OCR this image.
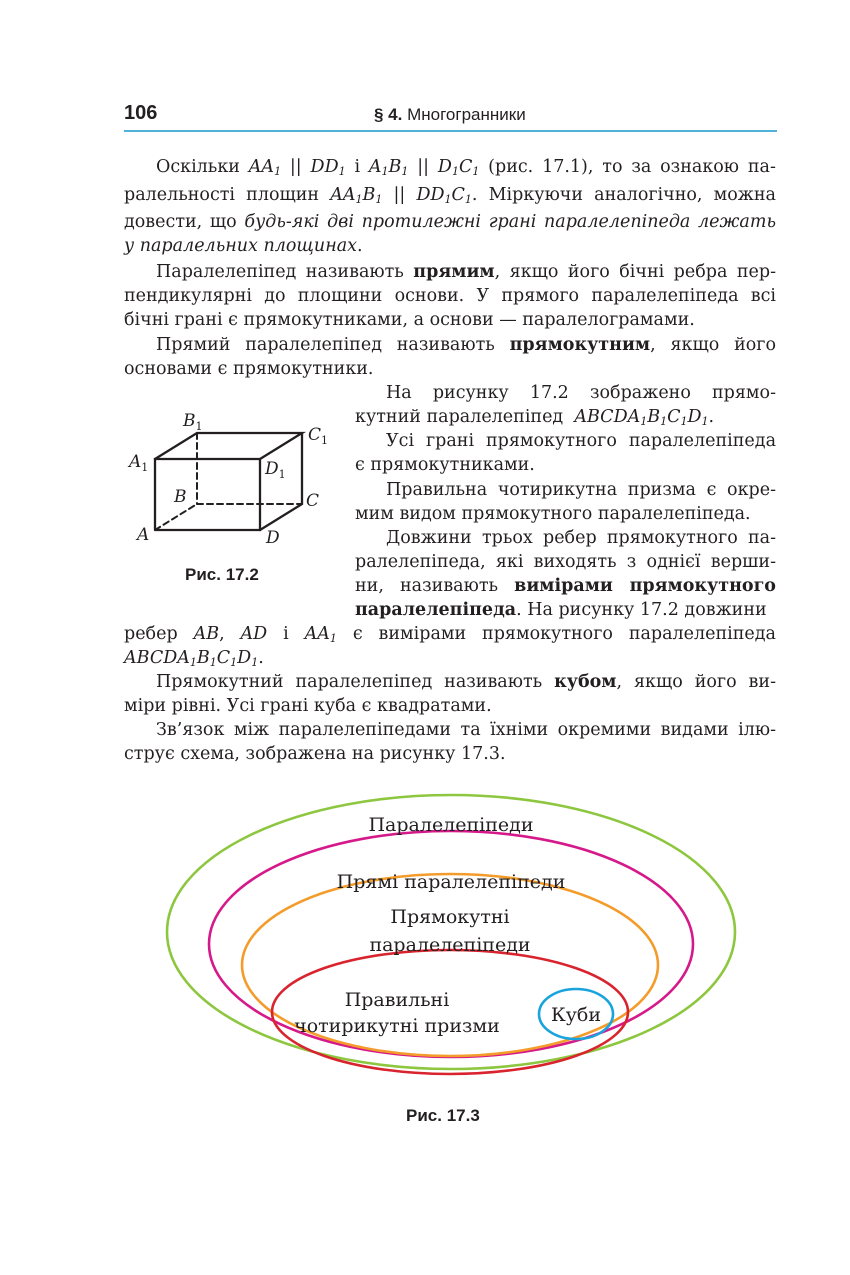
106	§ 4. Многогранники
Оскільки $AA_1$ || $DD_1$ і $A_1B_1$ || $D_1C_1$ (рис. 17.1), то за ознакою па-
ралельності площин $AA_1B_1$ || $DD_1C_1$. Міркуючи аналогічно, можна
довести, що будь-які дві протилежні грані паралелепіпеда лежать
у паралельних площинах.
Паралелепіпед називають прямим, якщо його бічні ребра пер-
пендикулярні до площини основи. У прямого паралелепіпеда всі
бічні грані є прямокутниками, а основи — паралелограмами.
Прямий паралелепіпед називають прямокутним, якщо його
основами є прямокутники.
На рисунку 17.2 зображено прямо-
кутний паралелепіпед $ABCDA_1B_1C_1D_1$.
Усі грані прямокутного паралелепіпеда
є прямокутниками.
Правильна чотирикутна призма є окре-
мим видом прямокутного паралелепіпеда.
Довжини трьох ребер прямокутного па-
ралелепіпеда, які виходять з однієї верши-
ни, називають вимірами прямокутного
паралелепіпеда. На рисунку 17.2 довжини
ребер AB, AD і $AA_1$ є вимірами прямокутного паралелепіпеда
$ABCDA_1B_1C_1D_1$.
Прямокутний паралелепіпед називають кубом, якщо його ви-
міри рівні. Усі грані куба є квадратами.
Зв’язок між паралелепіпедами та їхніми окремими видами ілю-
струє схема, зображена на рисунку 17.3.
A	D
B	C
$A_1$
$B_1$	$C_1$
$D_1$
Рис. 17.2
Паралелепіпеди
Прямі паралелепіпеди
Прямокутні
паралелепіпеди
Правильні
чотирикутні призми	Куби
Рис. 17.3
